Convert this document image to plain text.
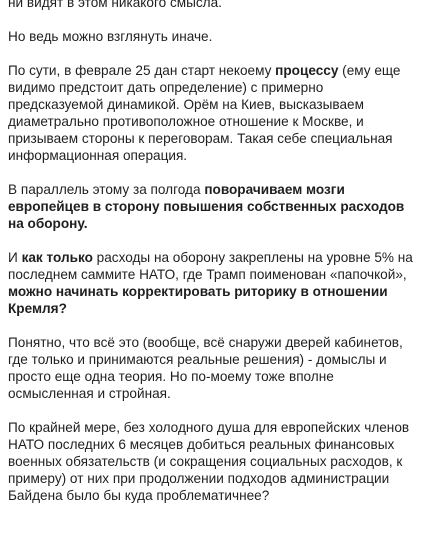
ни видят в этом никакого смысла.

Но ведь можно взглянуть иначе.

По сути, в феврале 25 дан старт некоему процессу (ему еще видимо предстоит дать определение) с примерно предсказуемой динамикой. Орём на Киев, высказываем диаметрально противоположное отношение к Москве, и призываем стороны к переговорам. Такая себе специальная информационная операция.

В параллель этому за полгода поворачиваем мозги европейцев в сторону повышения собственных расходов на оборону.

И как только расходы на оборону закреплены на уровне 5% на последнем саммите НАТО, где Трамп поименован «папочкой», можно начинать корректировать риторику в отношении Кремля?

Понятно, что всё это (вообще, всё снаружи дверей кабинетов, где только и принимаются реальные решения) - домыслы и просто еще одна теория. Но по-моему тоже вполне осмысленная и стройная.

По крайней мере, без холодного душа для европейских членов НАТО последних 6 месяцев добиться реальных финансовых военных обязательств (и сокращения социальных расходов, к примеру) от них при продолжении подходов администрации Байдена было бы куда проблематичнее?
